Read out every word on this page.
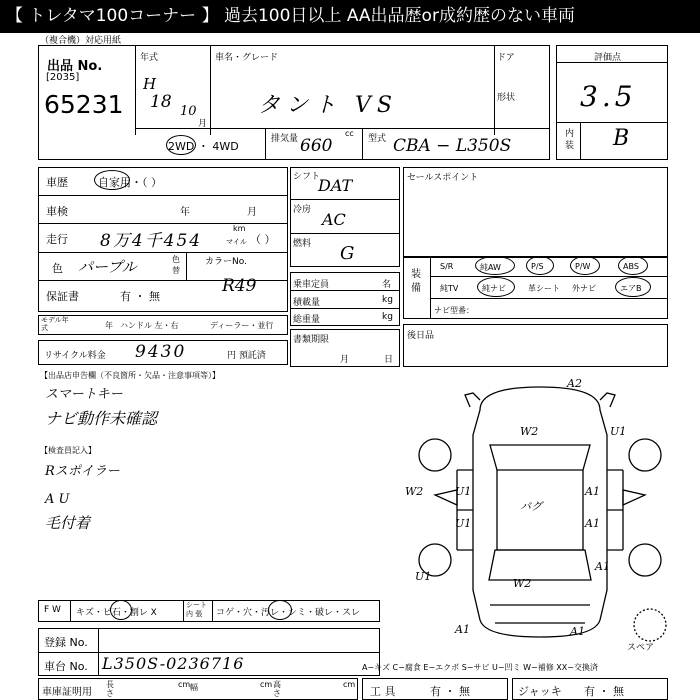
【 トレタマ100コーナー 】 過去100日以上 AA出品歴or成約歴のない車両
（複合機）対応用紙
出品 No.
[2035]
65231
年式
H
18 10
月
車名・グレード
タント VS
ドア
形状
2WD ・ 4WD
排気量 660
cc
型式 CBA − L350S
評価点
3.5
内装 B
車歴	自家用・（ ）
車検	年	月
走行 8万4千454
km
マイル （ ）
色 パープル	色替
カラーNo.
R49
保証書	有 ・ 無
モデル年式	年 ハンドル 左・右	ディーラー・並行
リサイクル料金 9430	円 預託済
シフト
DAT
冷房 AC
燃料 G
乗車定員	名
積載量	kg
総重量	kg
書類期限
月	日
セールスポイント
装備
S/R	純AW	P/S	P/W	ABS
純TV	純ナビ	革シート 外ナビ	エアB
ナビ型番：
後日品
【出品店申告欄（不良箇所・欠品・注意事項等）】
スマートキー
ナビ動作未確認
【検査員記入】
Rスポイラー
A U
毛付着
A2
W2
W2	U1
U1
バグ
A1
A1
W2
A1	A1
A1
U1
U1
スペア
F W キズ・ビ石・割レ X
シート内 張	コゲ・穴・汚レ・シミ・破レ・スレ
登録 No.
車台 No. L350S-0236716	A−キズ C−腐食 E−エクボ S−サビ U−凹ミ W−補修 XX−交換済
車庫証明用
長さ
cm 幅	cm 高さ
cm
工 具	有 ・ 無	ジャッキ 有 ・ 無
